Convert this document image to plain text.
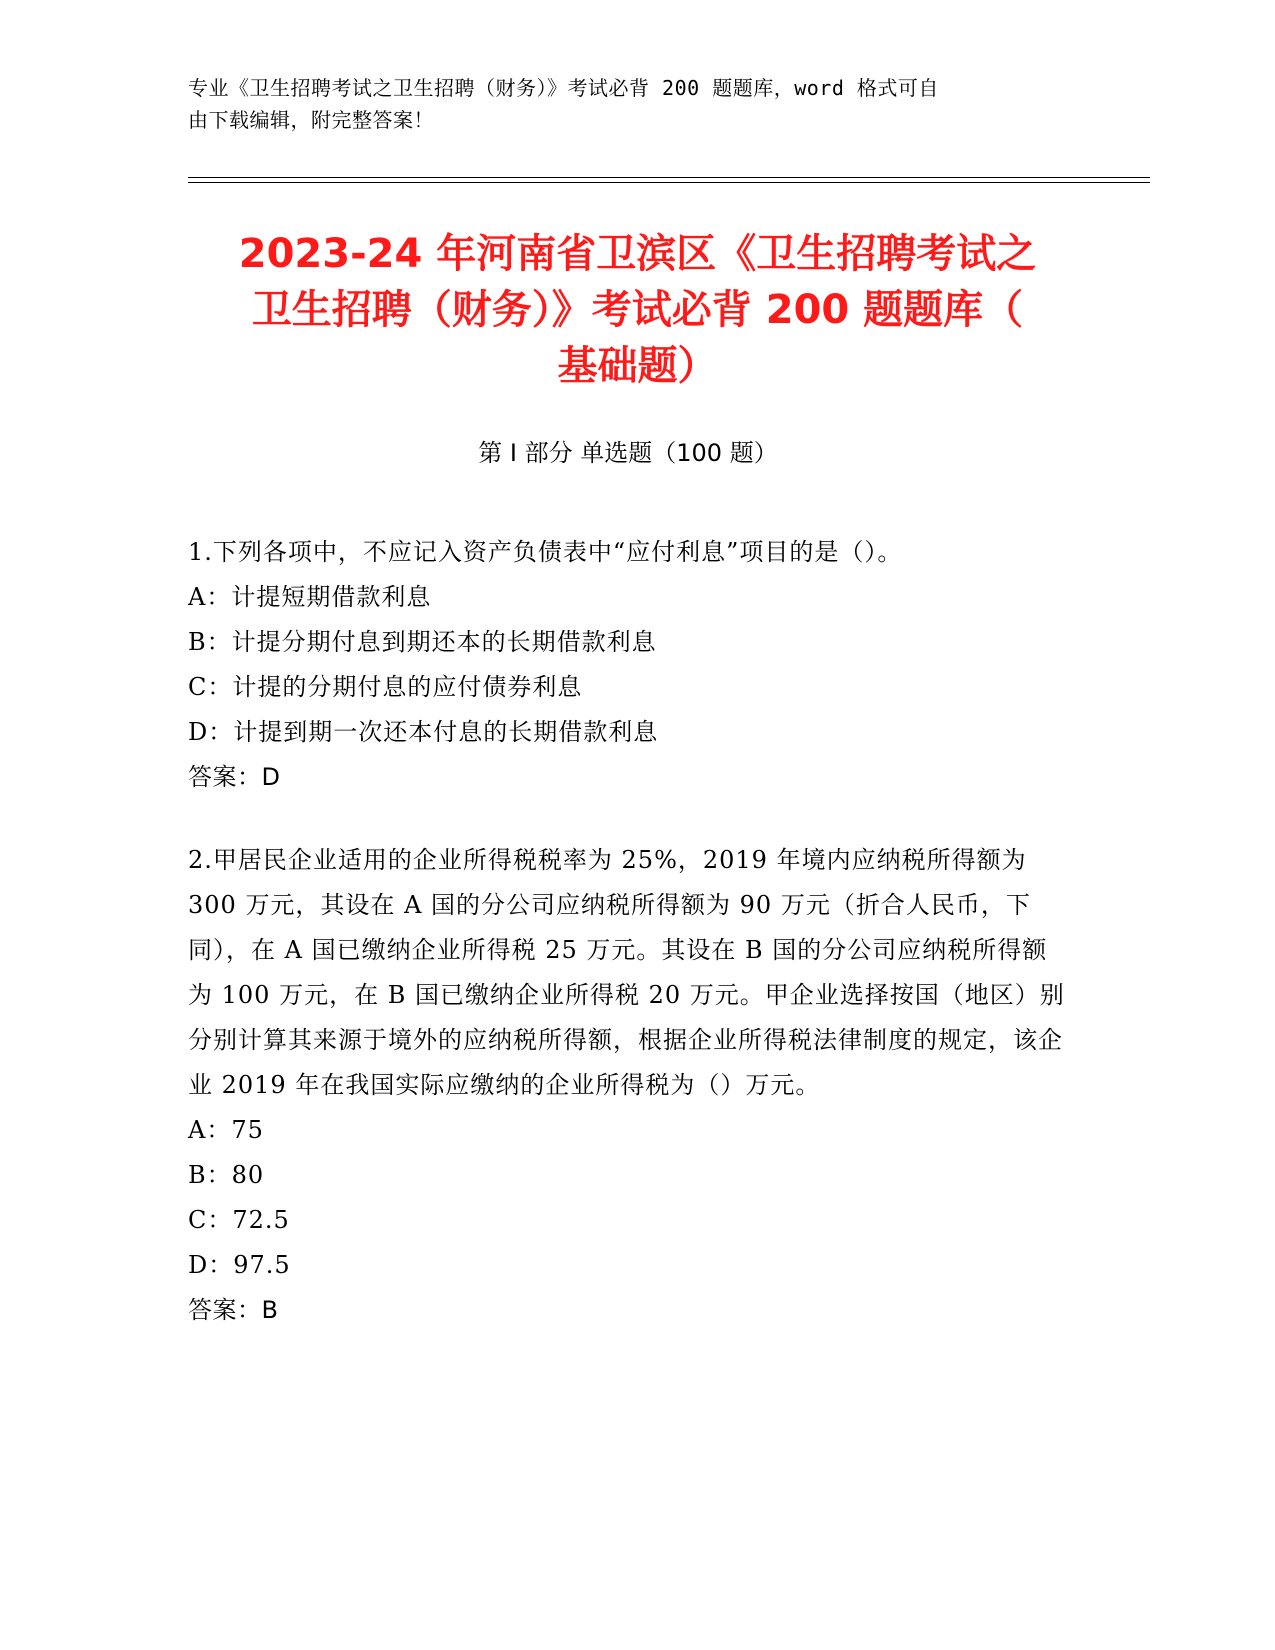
专业《卫生招聘考试之卫生招聘（财务）》考试必背 200 题题库，word 格式可自
由下载编辑，附完整答案！
2023-24 年河南省卫滨区《卫生招聘考试之
卫生招聘（财务）》考试必背 200 题题库（
基础题）
第 I 部分 单选题（100 题）

1.下列各项中，不应记入资产负债表中“应付利息”项目的是（）。

A：计提短期借款利息

B：计提分期付息到期还本的长期借款利息

C：计提的分期付息的应付债券利息

D：计提到期一次还本付息的长期借款利息

答案：D

2.甲居民企业适用的企业所得税税率为 25%，2019 年境内应纳税所得额为 300 万元，其设在 A 国的分公司应纳税所得额为 90 万元（折合人民币，下同），在 A 国已缴纳企业所得税 25 万元。其设在 B 国的分公司应纳税所得额为 100 万元，在 B 国已缴纳企业所得税 20 万元。甲企业选择按国（地区）别分别计算其来源于境外的应纳税所得额，根据企业所得税法律制度的规定，该企业 2019 年在我国实际应缴纳的企业所得税为（）万元。

A：75

B：80

C：72.5

D：97.5

答案：B
